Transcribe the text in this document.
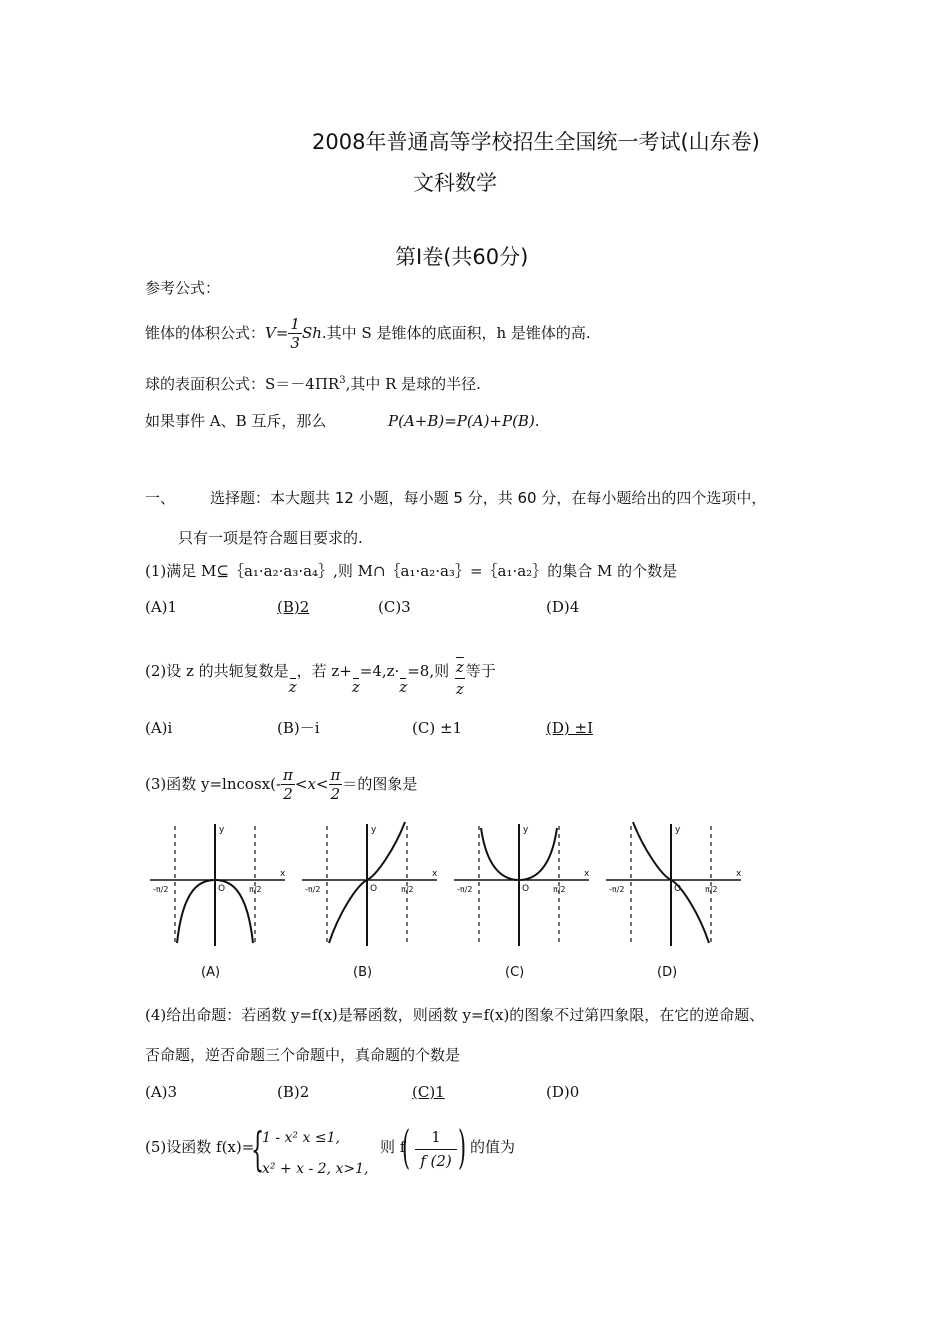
2008年普通高等学校招生全国统一考试(山东卷)
文科数学
第Ⅰ卷(共60分)
参考公式：
锥体的体积公式：$V= \frac{1}{3} Sh$.其中 S 是锥体的底面积，h 是锥体的高.
球的表面积公式：$S=-4\Pi R^3$,其中 R 是球的半径.
如果事件 A、B 互斥，那么	P(A+B)=P(A)+P(B).
一、 选择题：本大题共 12 小题，每小题 5 分，共 60 分，在每小题给出的四个选项中，
只有一项是符合题目要求的.
(1)满足 M⊆｛a₁·a₂·a₃·a₄｝,则 M∩｛a₁·a₂·a₃｝=｛a₁·a₂｝的集合 M 的个数是
(A)1	(B)2	(C)3	(D)4
(2)设 z 的共轭复数是z，若 z+z=4,z·z=8,则 $\overline{z}$
z
等于
(A)i	(B)－i	(C) ±1	(D) ±I
(3)函数 $y=lncosx(- \frac{\pi}{2} <x< \frac{\pi}{2}$ ＝的图象是
y
x
O
-π/2	π/2
(A)
y
x
O
-π/2	π/2
(B)
y
x
O
-π/2	π/2
(C)
y
x
O
-π/2	π/2
(D)
(4)给出命题：若函数 y=f(x)是幂函数，则函数 y=f(x)的图象不过第四象限，在它的逆命题、
否命题，逆否命题三个命题中，真命题的个数是
(A)3	(B)2	(C)1	(D)0
(5)设函数 f(x)=
{
1 - x² x ≤1,
x² + x - 2, x>1,
则 f
( $\frac{1}{f (2)}$ ) 的值为
